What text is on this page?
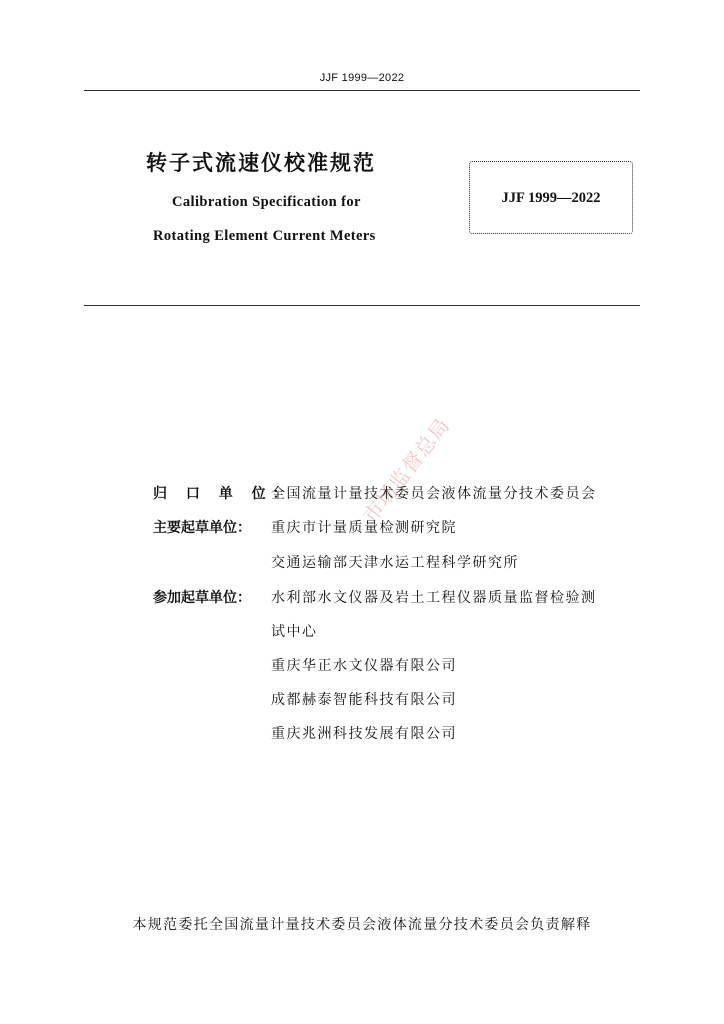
JJF 1999—2022
转子式流速仪校准规范
Calibration Specification for
Rotating Element Current Meters
JJF 1999—2022
市场监督总局
归 口 单 位：全国流量计量技术委员会液体流量分技术委员会
主要起草单位： 重庆市计量质量检测研究院
交通运输部天津水运工程科学研究所
参加起草单位： 水利部水文仪器及岩土工程仪器质量监督检验测
试中心
重庆华正水文仪器有限公司
成都赫泰智能科技有限公司
重庆兆洲科技发展有限公司
本规范委托全国流量计量技术委员会液体流量分技术委员会负责解释
